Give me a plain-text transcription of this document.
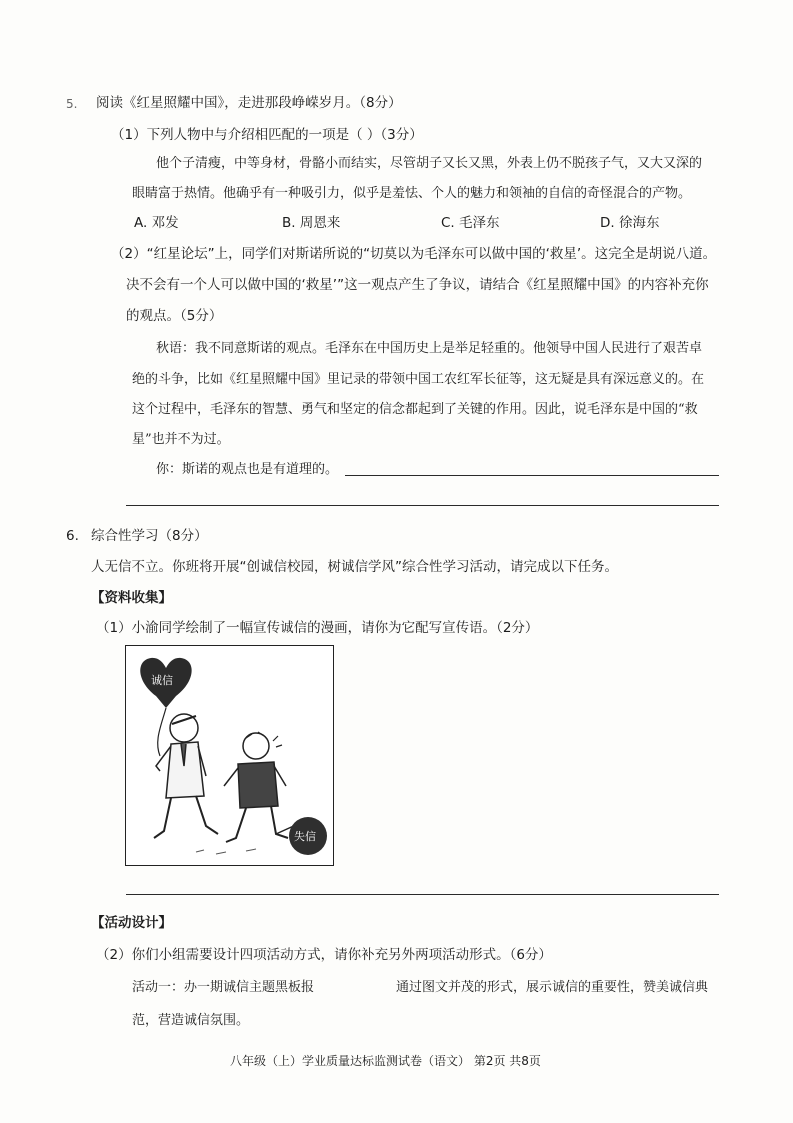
5. 阅读《红星照耀中国》，走进那段峥嵘岁月。（8分）
（1）下列人物中与介绍相匹配的一项是（ ）（3分）
他个子清瘦，中等身材，骨骼小而结实，尽管胡子又长又黑，外表上仍不脱孩子气，又大又深的
眼睛富于热情。他确乎有一种吸引力，似乎是羞怯、个人的魅力和领袖的自信的奇怪混合的产物。
A. 邓发	B. 周恩来	C. 毛泽东	D. 徐海东
（2）“红星论坛”上，同学们对斯诺所说的“切莫以为毛泽东可以做中国的‘救星’。这完全是胡说八道。
决不会有一个人可以做中国的‘救星’”这一观点产生了争议，请结合《红星照耀中国》的内容补充你
的观点。（5分）
秋语：我不同意斯诺的观点。毛泽东在中国历史上是举足轻重的。他领导中国人民进行了艰苦卓
绝的斗争，比如《红星照耀中国》里记录的带领中国工农红军长征等，这无疑是具有深远意义的。在
这个过程中，毛泽东的智慧、勇气和坚定的信念都起到了关键的作用。因此，说毛泽东是中国的“救
星”也并不为过。
你：斯诺的观点也是有道理的。
6. 综合性学习（8分）
人无信不立。你班将开展“创诚信校园，树诚信学风”综合性学习活动，请完成以下任务。
【资料收集】
（1）小渝同学绘制了一幅宣传诚信的漫画，请你为它配写宣传语。（2分）
诚信
失信
【活动设计】
（2）你们小组需要设计四项活动方式，请你补充另外两项活动形式。（6分）
活动一：办一期诚信主题黑板报	通过图文并茂的形式，展示诚信的重要性，赞美诚信典
范，营造诚信氛围。
八年级（上）学业质量达标监测试卷（语文） 第2页 共8页
